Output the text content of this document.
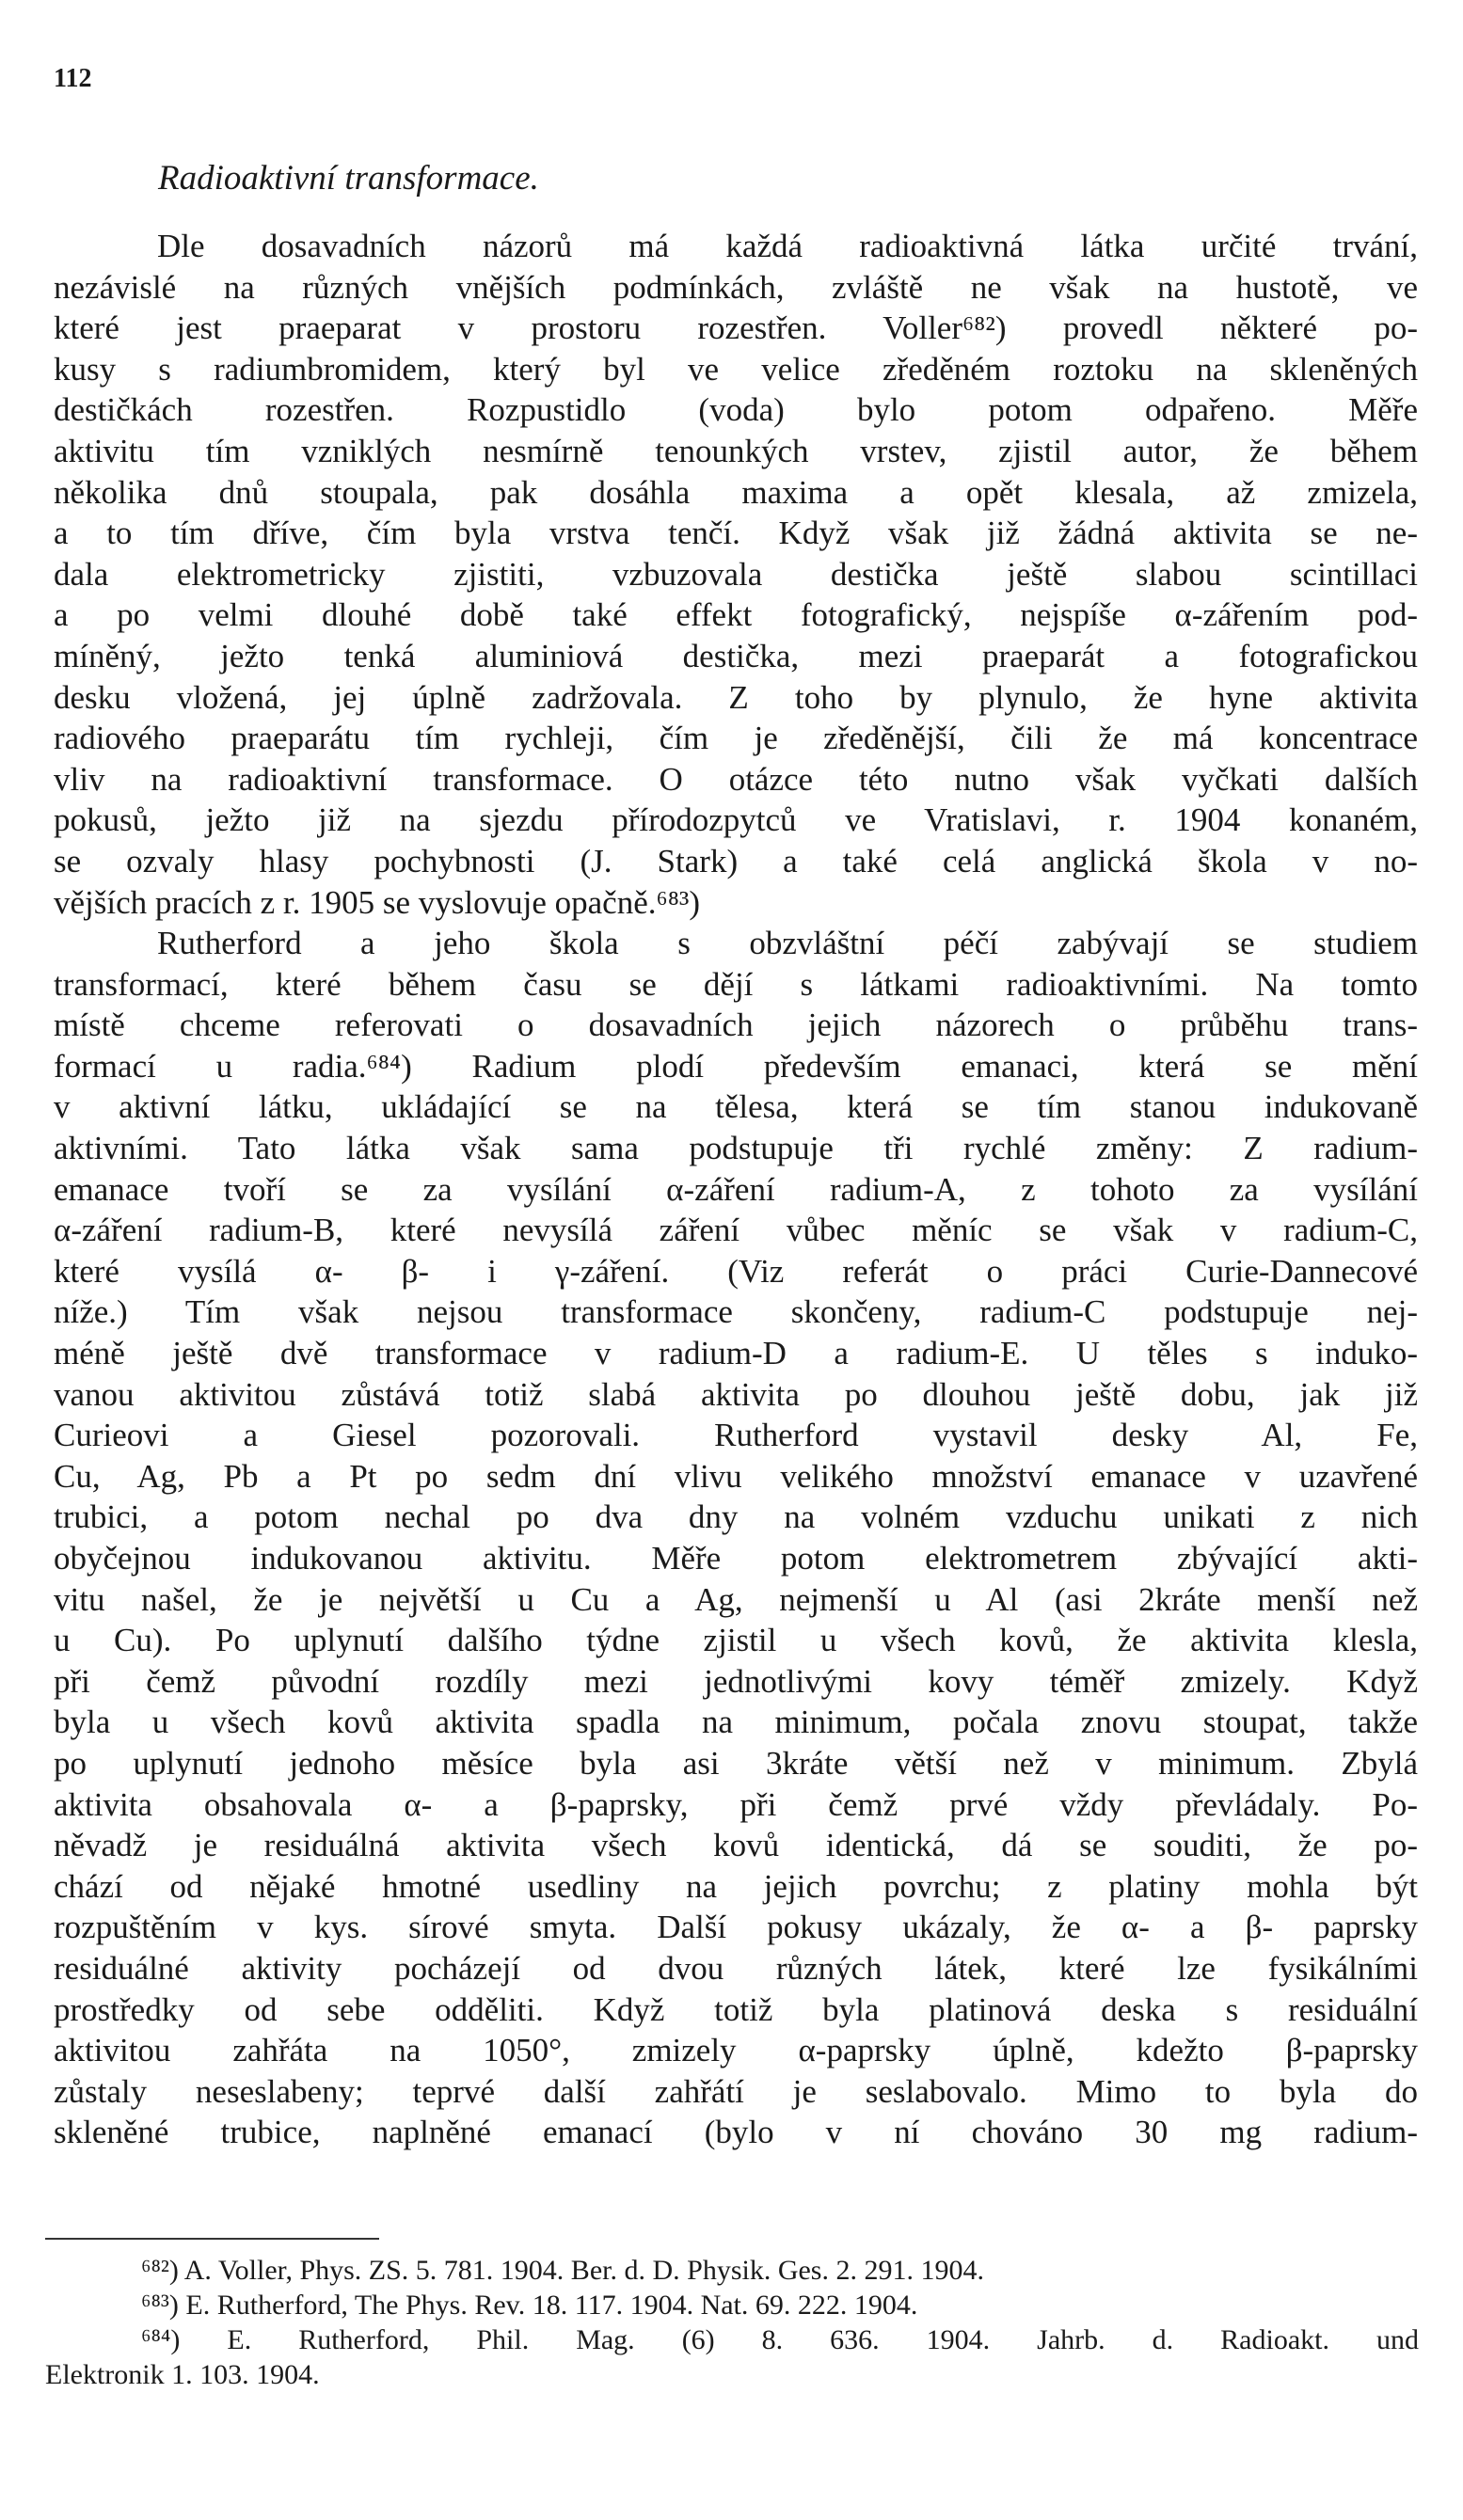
112
Radioaktivní transformace.
Dle dosavadních názorů má každá radioaktivná látka určité trvání,
nezávislé na různých vnějších podmínkách, zvláště ne však na hustotě, ve
které jest praeparat v prostoru rozestřen. Voller⁶⁸²) provedl některé po-
kusy s radiumbromidem, který byl ve velice zředěném roztoku na skleněných
destičkách rozestřen. Rozpustidlo (voda) bylo potom odpařeno. Měře
aktivitu tím vzniklých nesmírně tenounkých vrstev, zjistil autor, že během
několika dnů stoupala, pak dosáhla maxima a opět klesala, až zmizela,
a to tím dříve, čím byla vrstva tenčí. Když však již žádná aktivita se ne-
dala elektrometricky zjistiti, vzbuzovala destička ještě slabou scintillaci
a po velmi dlouhé době také effekt fotografický, nejspíše α-zářením pod-
míněný, ježto tenká aluminiová destička, mezi praeparát a fotografickou
desku vložená, jej úplně zadržovala. Z toho by plynulo, že hyne aktivita
radiového praeparátu tím rychleji, čím je zředěnější, čili že má koncentrace
vliv na radioaktivní transformace. O otázce této nutno však vyčkati dalších
pokusů, ježto již na sjezdu přírodozpytců ve Vratislavi, r. 1904 konaném,
se ozvaly hlasy pochybnosti (J. Stark) a také celá anglická škola v no-
vějších pracích z r. 1905 se vyslovuje opačně.⁶⁸³)
Rutherford a jeho škola s obzvláštní péčí zabývají se studiem
transformací, které během času se dějí s látkami radioaktivními. Na tomto
místě chceme referovati o dosavadních jejich názorech o průběhu trans-
formací u radia.⁶⁸⁴) Radium plodí především emanaci, která se mění
v aktivní látku, ukládající se na tělesa, která se tím stanou indukovaně
aktivními. Tato látka však sama podstupuje tři rychlé změny: Z radium-
emanace tvoří se za vysílání α-záření radium-A, z tohoto za vysílání
α-záření radium-B, které nevysílá záření vůbec měníc se však v radium-C,
které vysílá α- β- i γ-záření. (Viz referát o práci Curie-Dannecové
níže.) Tím však nejsou transformace skončeny, radium-C podstupuje nej-
méně ještě dvě transformace v radium-D a radium-E. U těles s induko-
vanou aktivitou zůstává totiž slabá aktivita po dlouhou ještě dobu, jak již
Curieovi a Giesel pozorovali. Rutherford vystavil desky Al, Fe,
Cu, Ag, Pb a Pt po sedm dní vlivu velikého množství emanace v uzavřené
trubici, a potom nechal po dva dny na volném vzduchu unikati z nich
obyčejnou indukovanou aktivitu. Měře potom elektrometrem zbývající akti-
vitu našel, že je největší u Cu a Ag, nejmenší u Al (asi 2kráte menší než
u Cu). Po uplynutí dalšího týdne zjistil u všech kovů, že aktivita klesla,
při čemž původní rozdíly mezi jednotlivými kovy téměř zmizely. Když
byla u všech kovů aktivita spadla na minimum, počala znovu stoupat, takže
po uplynutí jednoho měsíce byla asi 3kráte větší než v minimum. Zbylá
aktivita obsahovala α- a β-paprsky, při čemž prvé vždy převládaly. Po-
něvadž je residuálná aktivita všech kovů identická, dá se souditi, že po-
chází od nějaké hmotné usedliny na jejich povrchu; z platiny mohla být
rozpuštěním v kys. sírové smyta. Další pokusy ukázaly, že α- a β- paprsky
residuálné aktivity pocházejí od dvou různých látek, které lze fysikálními
prostředky od sebe odděliti. Když totiž byla platinová deska s residuální
aktivitou zahřáta na 1050°, zmizely α-paprsky úplně, kdežto β-paprsky
zůstaly neseslabeny; teprvé další zahřátí je seslabovalo. Mimo to byla do
skleněné trubice, naplněné emanací (bylo v ní chováno 30 mg radium-
⁶⁸²) A. Voller, Phys. ZS. 5. 781. 1904. Ber. d. D. Physik. Ges. 2. 291. 1904.
⁶⁸³) E. Rutherford, The Phys. Rev. 18. 117. 1904. Nat. 69. 222. 1904.
⁶⁸⁴) E. Rutherford, Phil. Mag. (6) 8. 636. 1904. Jahrb. d. Radioakt. und
Elektronik 1. 103. 1904.
